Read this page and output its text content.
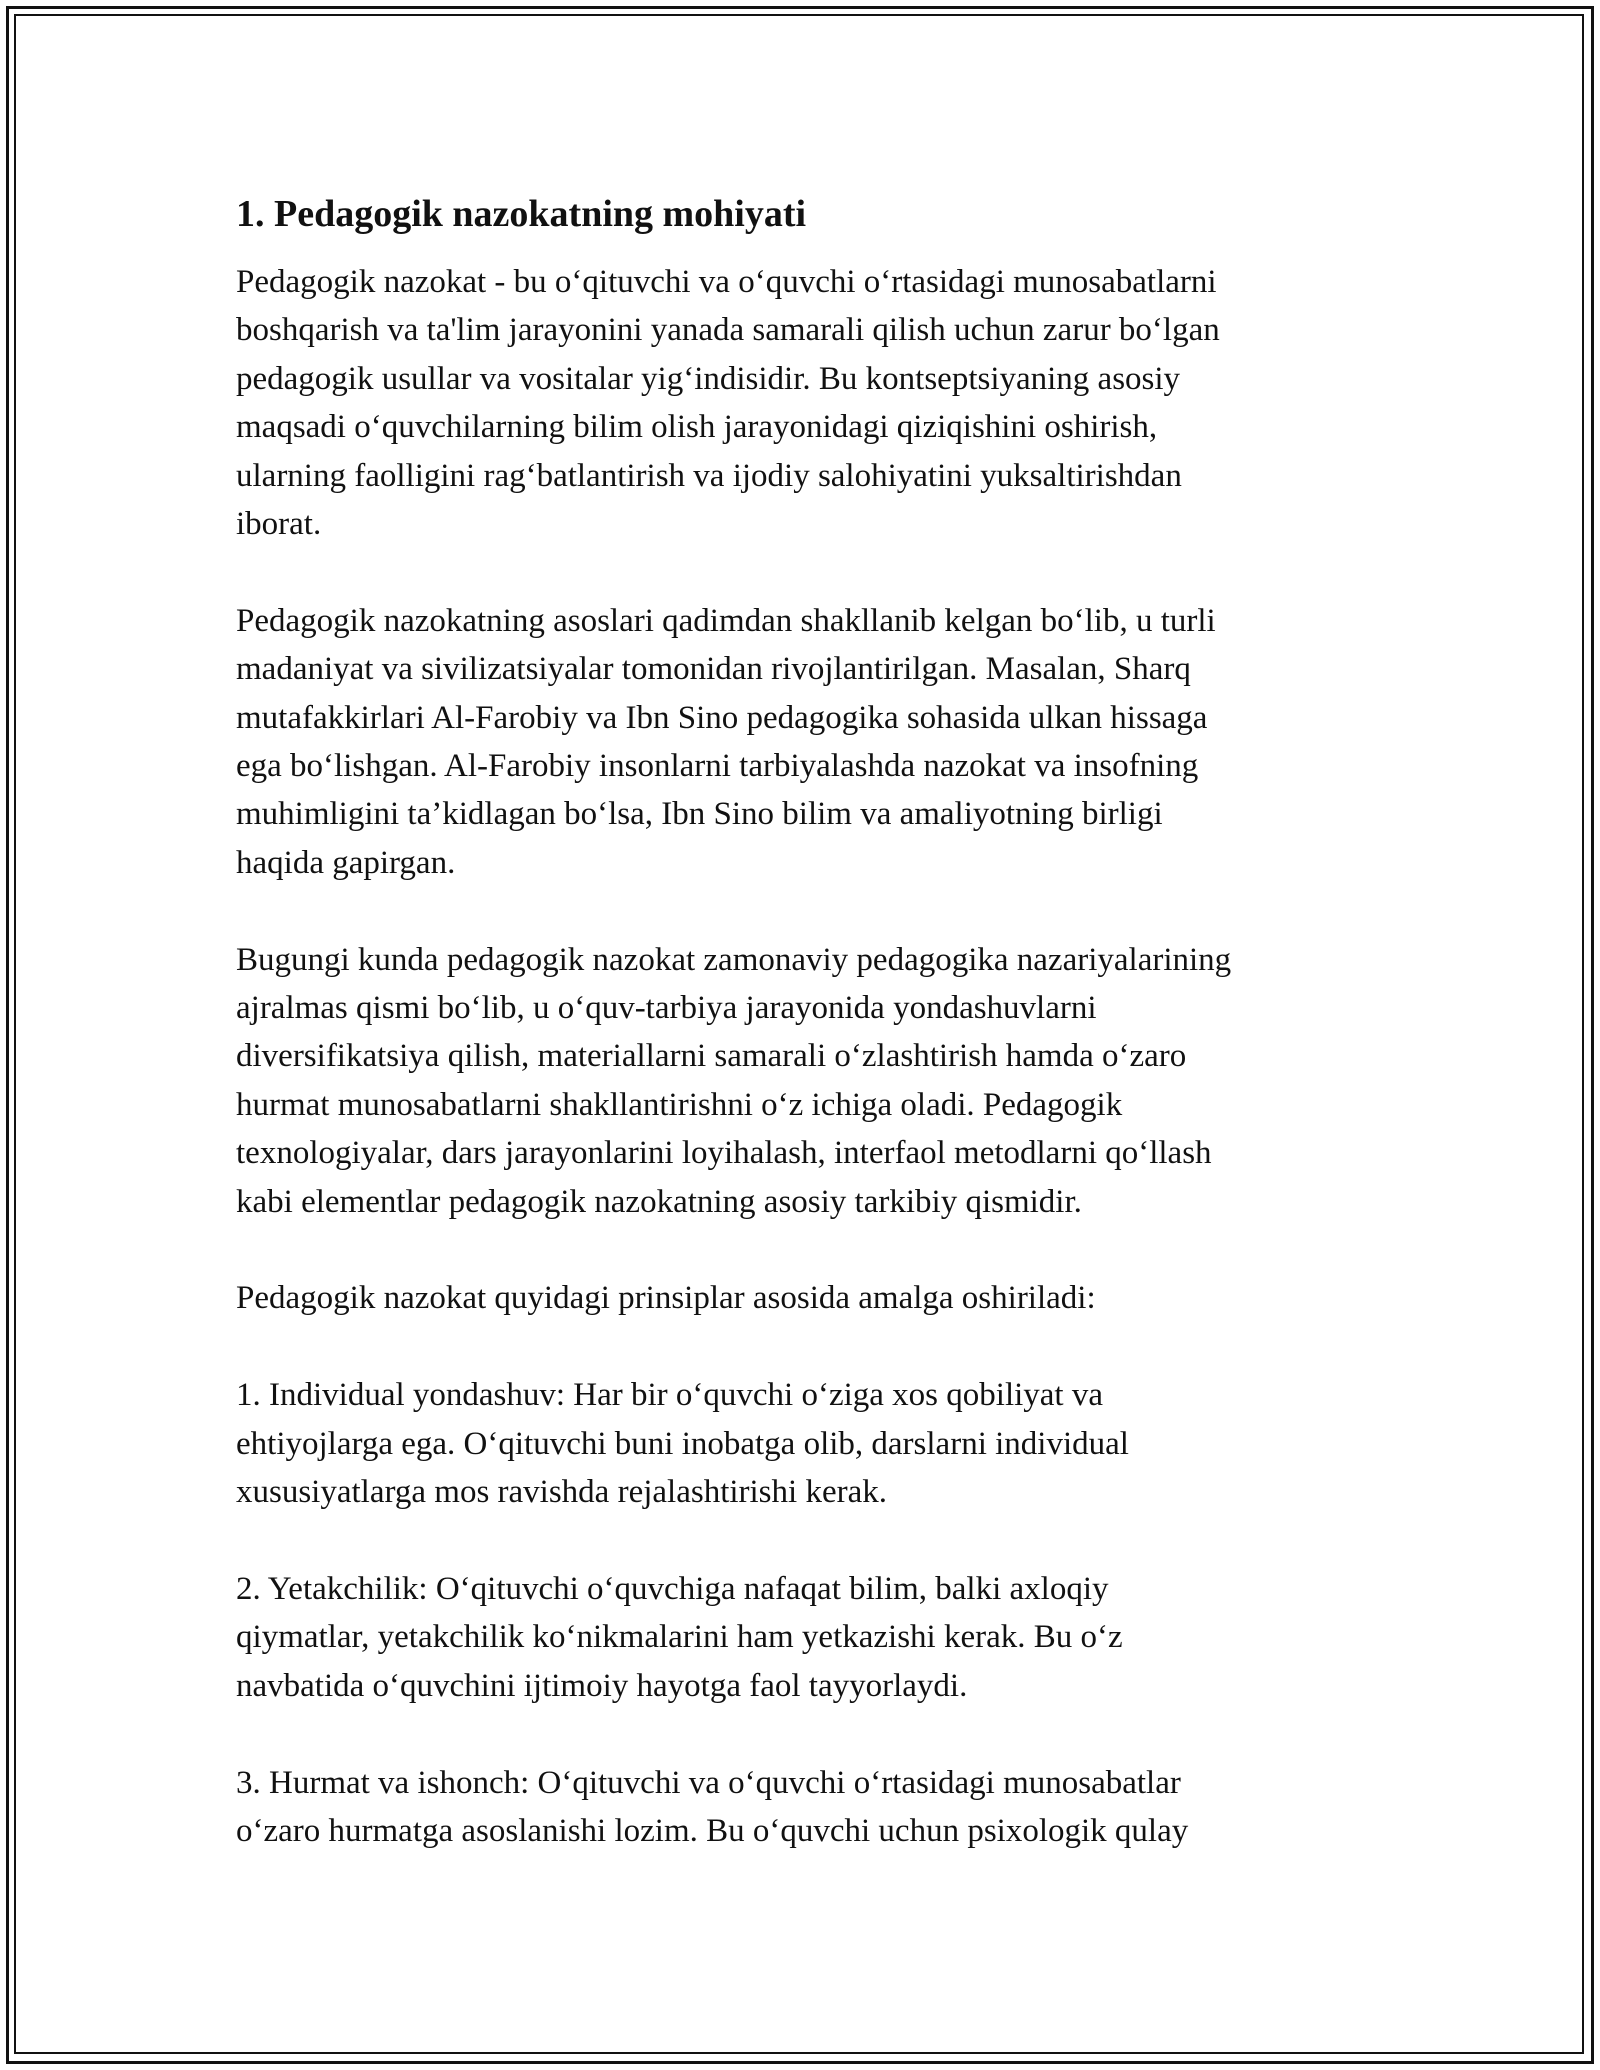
1. Pedagogik nazokatning mohiyati

Pedagogik nazokat - bu o‘qituvchi va o‘quvchi o‘rtasidagi munosabatlarni
boshqarish va ta'lim jarayonini yanada samarali qilish uchun zarur bo‘lgan
pedagogik usullar va vositalar yig‘indisidir. Bu kontseptsiyaning asosiy
maqsadi o‘quvchilarning bilim olish jarayonidagi qiziqishini oshirish,
ularning faolligini rag‘batlantirish va ijodiy salohiyatini yuksaltirishdan
iborat.

Pedagogik nazokatning asoslari qadimdan shakllanib kelgan bo‘lib, u turli
madaniyat va sivilizatsiyalar tomonidan rivojlantirilgan. Masalan, Sharq
mutafakkirlari Al-Farobiy va Ibn Sino pedagogika sohasida ulkan hissaga
ega bo‘lishgan. Al-Farobiy insonlarni tarbiyalashda nazokat va insofning
muhimligini ta’kidlagan bo‘lsa, Ibn Sino bilim va amaliyotning birligi
haqida gapirgan.

Bugungi kunda pedagogik nazokat zamonaviy pedagogika nazariyalarining
ajralmas qismi bo‘lib, u o‘quv-tarbiya jarayonida yondashuvlarni
diversifikatsiya qilish, materiallarni samarali o‘zlashtirish hamda o‘zaro
hurmat munosabatlarni shakllantirishni o‘z ichiga oladi. Pedagogik
texnologiyalar, dars jarayonlarini loyihalash, interfaol metodlarni qo‘llash
kabi elementlar pedagogik nazokatning asosiy tarkibiy qismidir.

Pedagogik nazokat quyidagi prinsiplar asosida amalga oshiriladi:

1. Individual yondashuv: Har bir o‘quvchi o‘ziga xos qobiliyat va
ehtiyojlarga ega. O‘qituvchi buni inobatga olib, darslarni individual
xususiyatlarga mos ravishda rejalashtirishi kerak.

2. Yetakchilik: O‘qituvchi o‘quvchiga nafaqat bilim, balki axloqiy
qiymatlar, yetakchilik ko‘nikmalarini ham yetkazishi kerak. Bu o‘z
navbatida o‘quvchini ijtimoiy hayotga faol tayyorlaydi.

3. Hurmat va ishonch: O‘qituvchi va o‘quvchi o‘rtasidagi munosabatlar
o‘zaro hurmatga asoslanishi lozim. Bu o‘quvchi uchun psixologik qulay
